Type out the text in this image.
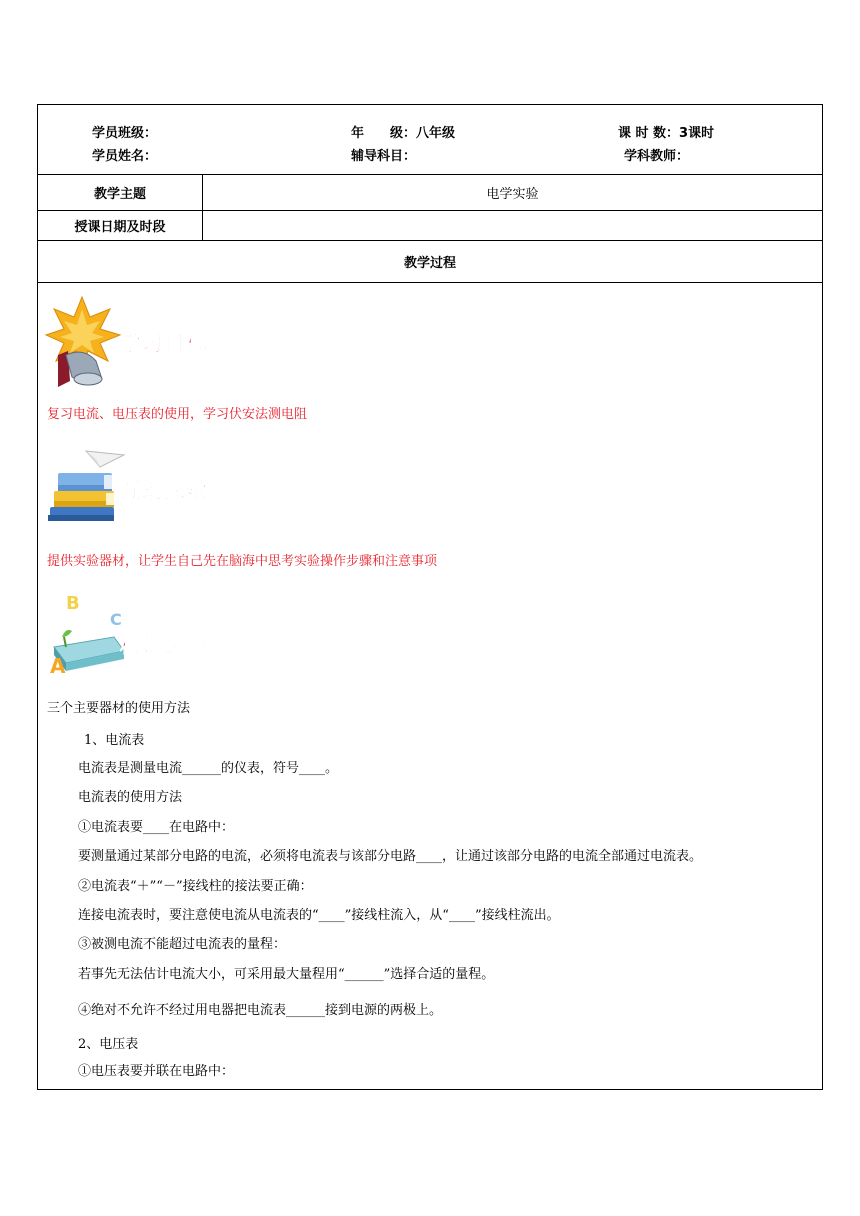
学员班级：	年　　级：八年级	课 时 数：3课时
学员姓名：	辅导科目：	学科教师：
教学主题	电学实验
授课日期及时段
教学过程
学习目标
复习电流、电压表的使用，学习伏安法测电阻
互动探索
提供实验器材，让学生自己先在脑海中思考实验操作步骤和注意事项
B
C
A
精讲提升
三个主要器材的使用方法
1、电流表
电流表是测量电流______的仪表，符号____。
电流表的使用方法
①电流表要____在电路中：
要测量通过某部分电路的电流，必须将电流表与该部分电路____，让通过该部分电路的电流全部通过电流表。
②电流表“＋”“－”接线柱的接法要正确：
连接电流表时，要注意使电流从电流表的“____”接线柱流入，从“____”接线柱流出。
③被测电流不能超过电流表的量程：
若事先无法估计电流大小，可采用最大量程用“______”选择合适的量程。
④绝对不允许不经过用电器把电流表______接到电源的两极上。
2、电压表
①电压表要并联在电路中：
